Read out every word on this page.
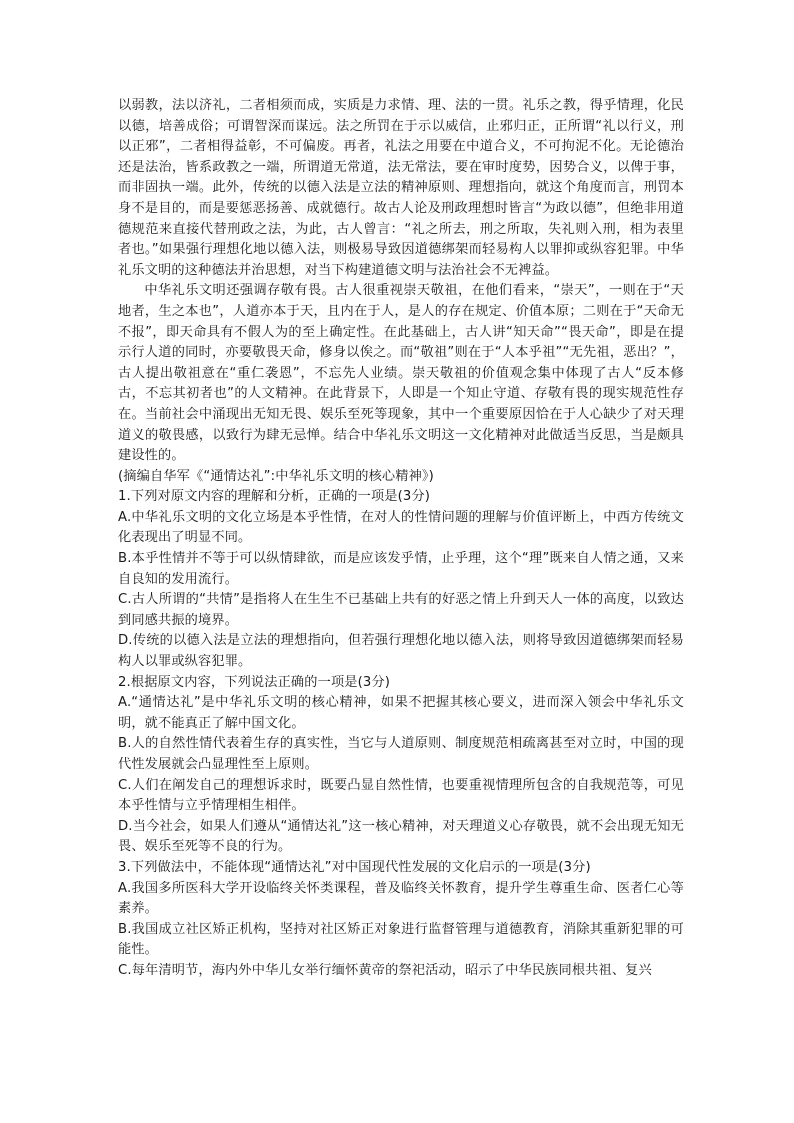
以弱教，法以济礼，二者相须而成，实质是力求情、理、法的一贯。礼乐之教，得乎情理，化民以德，培善成俗；可谓智深而谋远。法之所罚在于示以威信，止邪归正，正所谓“礼以行义，刑以正邪”，二者相得益彰，不可偏废。再者，礼法之用要在中道合义，不可拘泥不化。无论德治还是法治，皆系政教之一端，所谓道无常道，法无常法，要在审时度势，因势合义，以俾于事，而非固执一端。此外，传统的以德入法是立法的精神原则、理想指向，就这个角度而言，刑罚本身不是目的，而是要惩恶扬善、成就德行。故古人论及刑政理想时皆言“为政以德”，但绝非用道德规范来直接代替刑政之法，为此，古人曾言：“礼之所去，刑之所取，失礼则入刑，相为表里者也。”如果强行理想化地以德入法，则极易导致因道德绑架而轻易构人以罪抑或纵容犯罪。中华礼乐文明的这种德法并治思想，对当下构建道德文明与法治社会不无裨益。

中华礼乐文明还强调存敬有畏。古人很重视崇天敬祖，在他们看来，“崇天”，一则在于“天地者，生之本也”，人道亦本于天，且内在于人，是人的存在规定、价值本原；二则在于“天命无不报”，即天命具有不假人为的至上确定性。在此基础上，古人讲“知天命”“畏天命”，即是在提示行人道的同时，亦要敬畏天命，修身以俟之。而“敬祖”则在于“人本乎祖”“无先祖，恶出？”，古人提出敬祖意在“重仁袭恩”，不忘先人业绩。崇天敬祖的价值观念集中体现了古人“反本修古，不忘其初者也”的人文精神。在此背景下，人即是一个知止守道、存敬有畏的现实规范性存在。当前社会中涌现出无知无畏、娱乐至死等现象，其中一个重要原因恰在于人心缺少了对天理道义的敬畏感，以致行为肆无忌惮。结合中华礼乐文明这一文化精神对此做适当反思，当是颇具建设性的。

(摘编自华军《“通情达礼”:中华礼乐文明的核心精神》)

1.下列对原文内容的理解和分析，正确的一项是(3分)

A.中华礼乐文明的文化立场是本乎性情，在对人的性情问题的理解与价值评断上，中西方传统文化表现出了明显不同。

B.本乎性情并不等于可以纵情肆欲，而是应该发乎情，止乎理，这个“理”既来自人情之通，又来自良知的发用流行。

C.古人所谓的“共情”是指将人在生生不已基础上共有的好恶之情上升到天人一体的高度，以致达到同感共振的境界。

D.传统的以德入法是立法的理想指向，但若强行理想化地以德入法，则将导致因道德绑架而轻易构人以罪或纵容犯罪。

2.根据原文内容，下列说法正确的一项是(3分)

A.“通情达礼”是中华礼乐文明的核心精神，如果不把握其核心要义，进而深入领会中华礼乐文明，就不能真正了解中国文化。

B.人的自然性情代表着生存的真实性，当它与人道原则、制度规范相疏离甚至对立时，中国的现代性发展就会凸显理性至上原则。

C.人们在阐发自己的理想诉求时，既要凸显自然性情，也要重视情理所包含的自我规范等，可见本乎性情与立乎情理相生相伴。

D.当今社会，如果人们遵从“通情达礼”这一核心精神，对天理道义心存敬畏，就不会出现无知无畏、娱乐至死等不良的行为。

3.下列做法中，不能体现“通情达礼”对中国现代性发展的文化启示的一项是(3分)

A.我国多所医科大学开设临终关怀类课程，普及临终关怀教育，提升学生尊重生命、医者仁心等素养。

B.我国成立社区矫正机构，坚持对社区矫正对象进行监督管理与道德教育，消除其重新犯罪的可能性。

C.每年清明节，海内外中华儿女举行缅怀黄帝的祭祀活动，昭示了中华民族同根共祖、复兴
